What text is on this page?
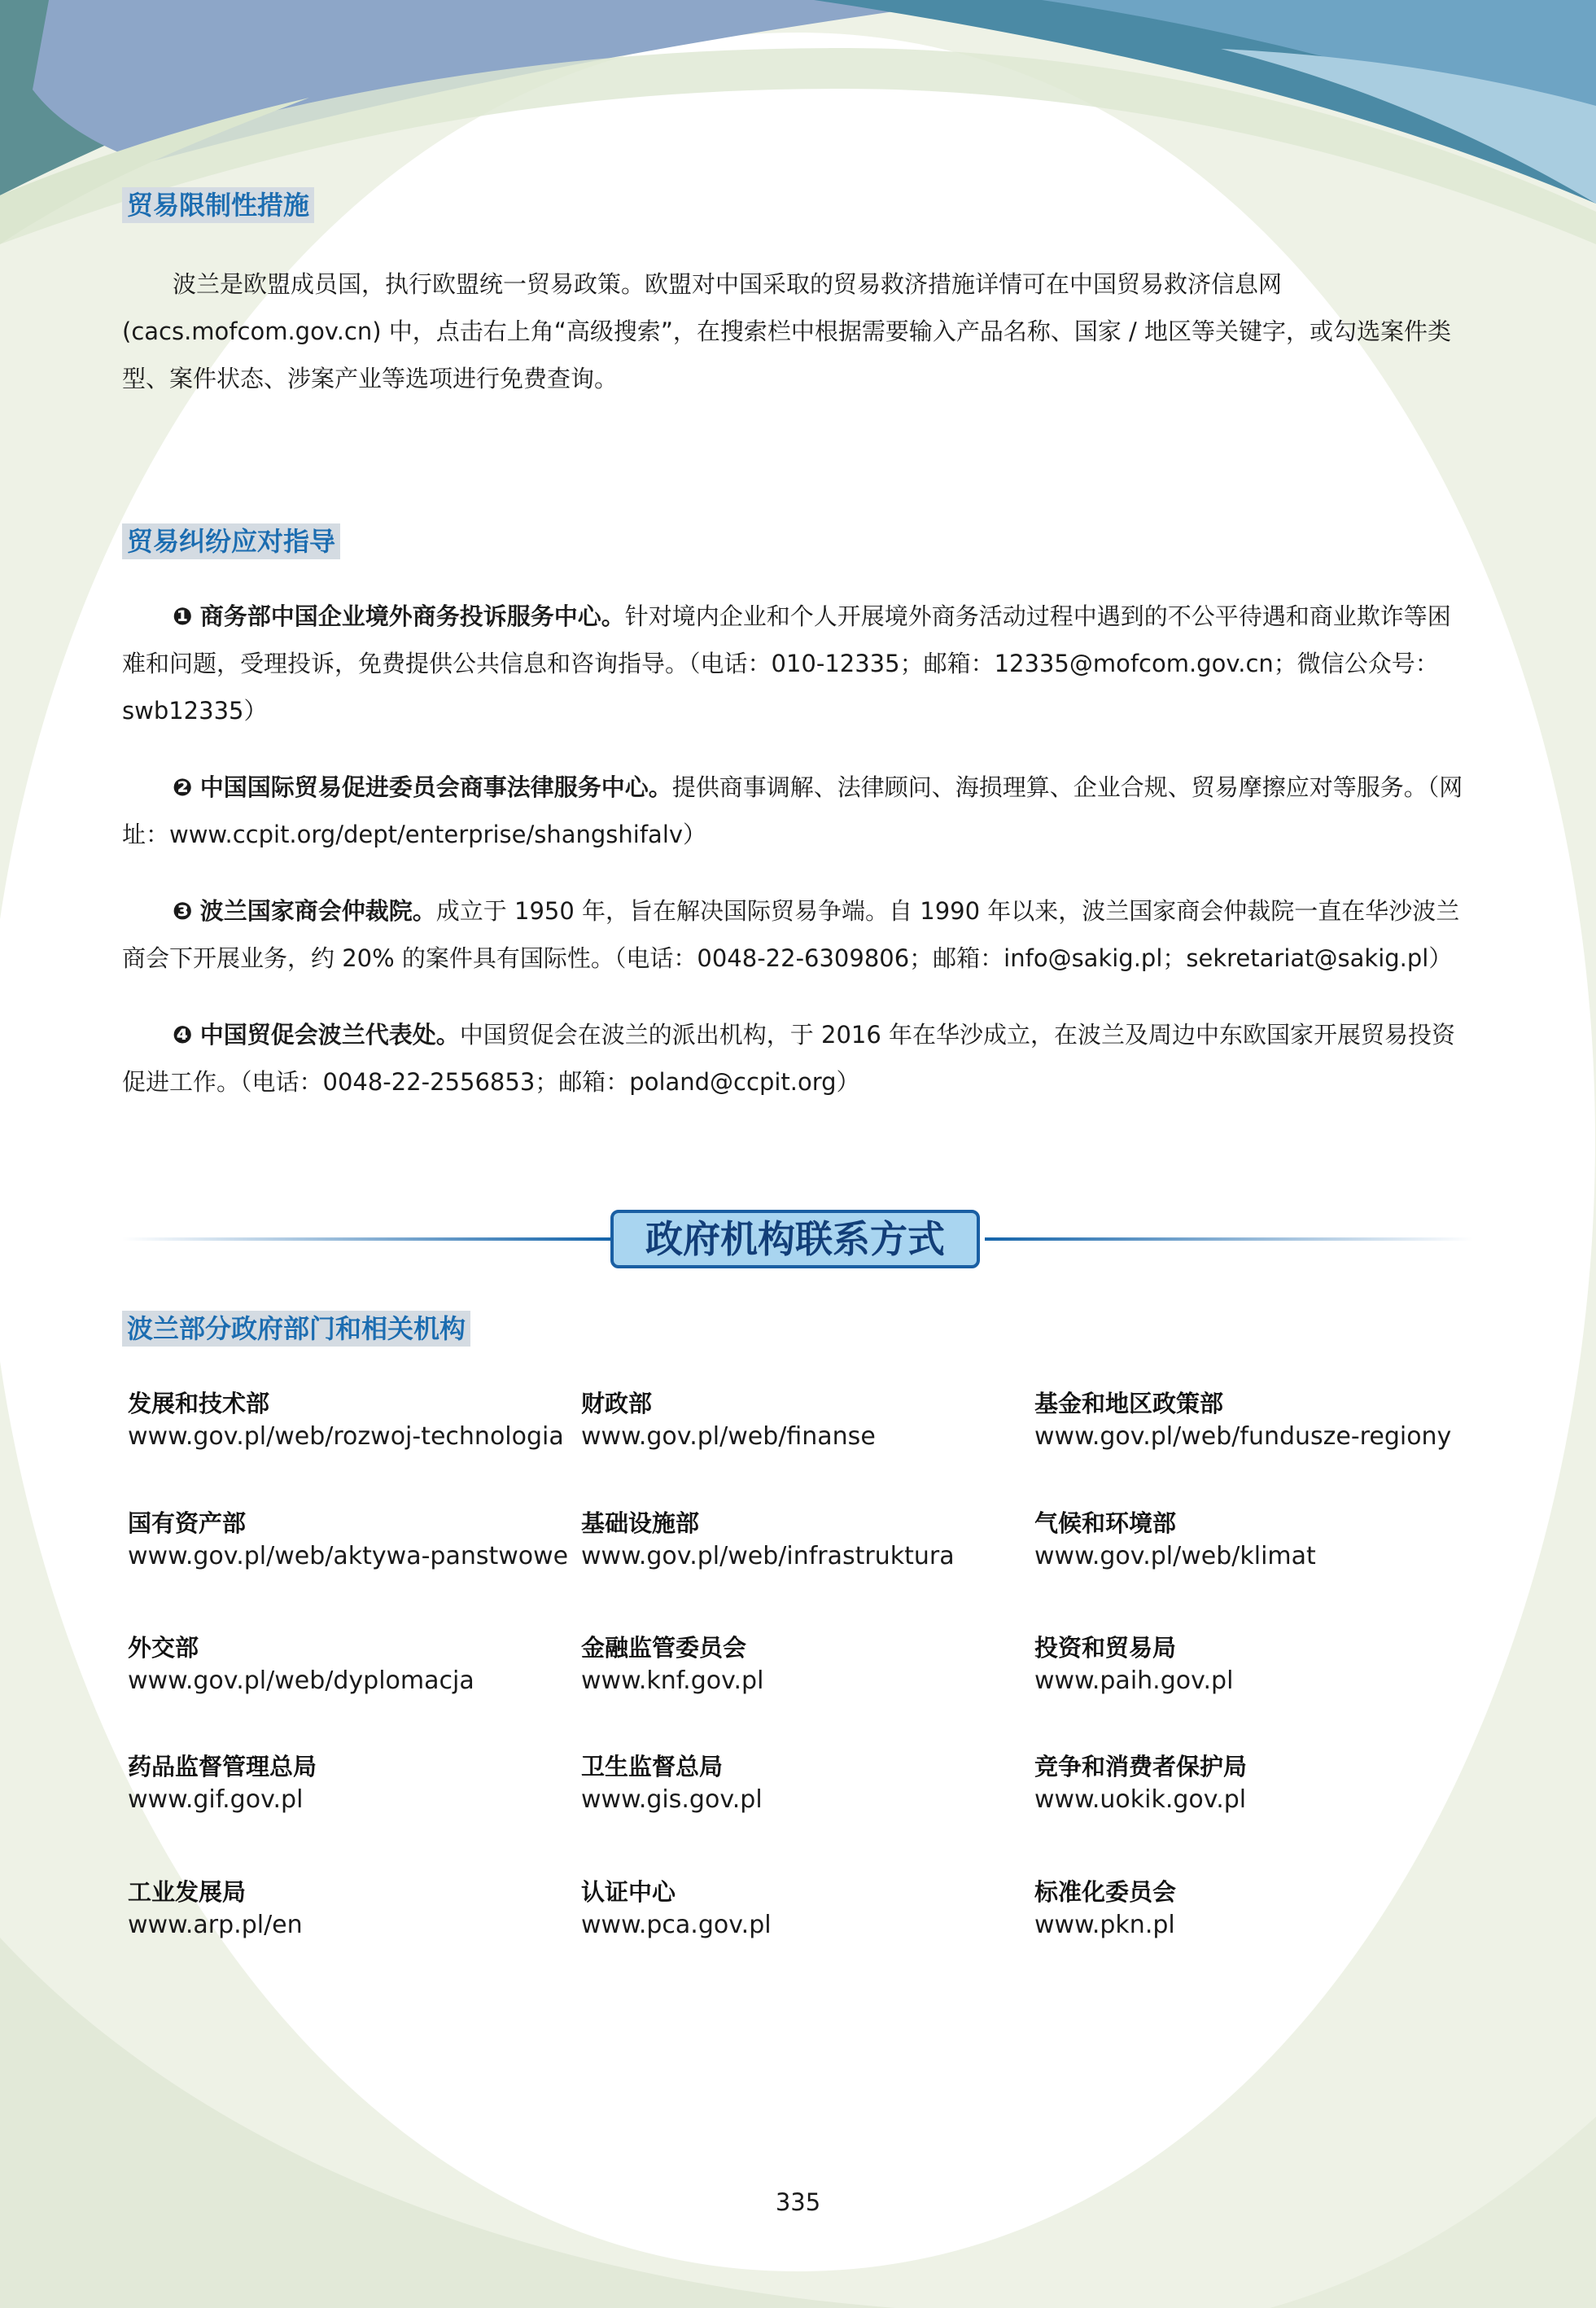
贸易限制性措施

波兰是欧盟成员国，执行欧盟统一贸易政策。欧盟对中国采取的贸易救济措施详情可在中国贸易救济信息网 (cacs.mofcom.gov.cn) 中，点击右上角“高级搜索”，在搜索栏中根据需要输入产品名称、国家 / 地区等关键字，或勾选案件类型、案件状态、涉案产业等选项进行免费查询。

贸易纠纷应对指导

❶ 商务部中国企业境外商务投诉服务中心。针对境内企业和个人开展境外商务活动过程中遇到的不公平待遇和商业欺诈等困难和问题，受理投诉，免费提供公共信息和咨询指导。（电话：010-12335；邮箱：12335@mofcom.gov.cn；微信公众号：swb12335）

❷ 中国国际贸易促进委员会商事法律服务中心。提供商事调解、法律顾问、海损理算、企业合规、贸易摩擦应对等服务。（网址：www.ccpit.org/dept/enterprise/shangshifalv）

❸ 波兰国家商会仲裁院。成立于 1950 年，旨在解决国际贸易争端。自 1990 年以来，波兰国家商会仲裁院一直在华沙波兰商会下开展业务，约 20% 的案件具有国际性。（电话：0048-22-6309806；邮箱：info@sakig.pl；sekretariat@sakig.pl）

❹ 中国贸促会波兰代表处。中国贸促会在波兰的派出机构，于 2016 年在华沙成立，在波兰及周边中东欧国家开展贸易投资促进工作。（电话：0048-22-2556853；邮箱：poland@ccpit.org）

政府机构联系方式
波兰部分政府部门和相关机构
发展和技术部
www.gov.pl/web/rozwoj-technologia
财政部
www.gov.pl/web/finanse
基金和地区政策部
www.gov.pl/web/fundusze-regiony
国有资产部
www.gov.pl/web/aktywa-panstwowe
基础设施部
www.gov.pl/web/infrastruktura
气候和环境部
www.gov.pl/web/klimat
外交部
www.gov.pl/web/dyplomacja
金融监管委员会
www.knf.gov.pl
投资和贸易局
www.paih.gov.pl
药品监督管理总局
www.gif.gov.pl
卫生监督总局
www.gis.gov.pl
竞争和消费者保护局
www.uokik.gov.pl
工业发展局
www.arp.pl/en
认证中心
www.pca.gov.pl
标准化委员会
www.pkn.pl
335
